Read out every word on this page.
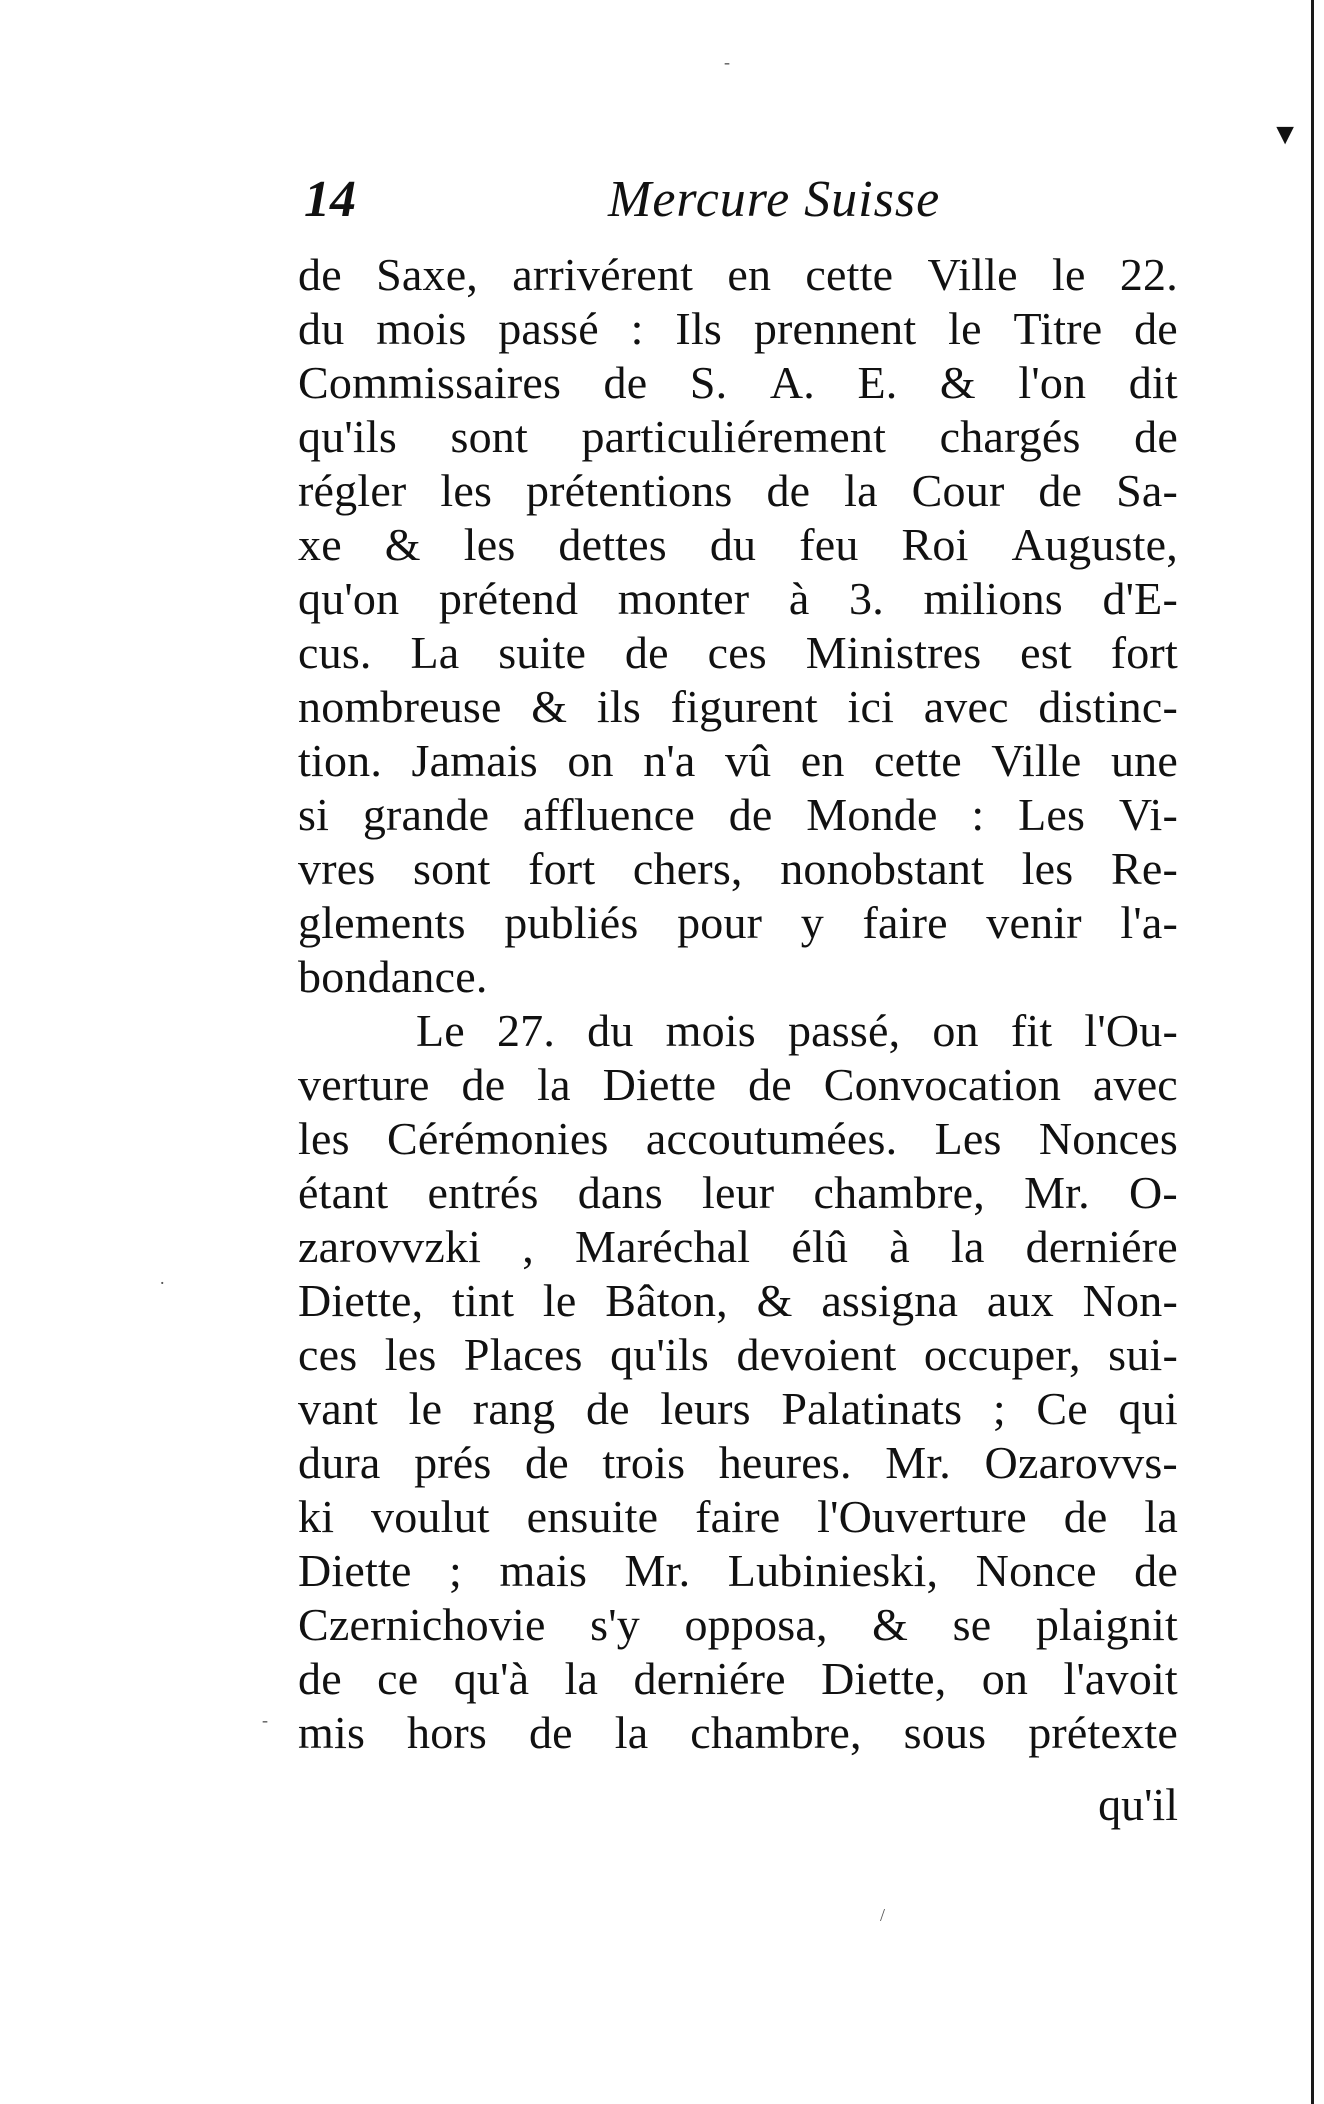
▼
14	Mercure Suisse
de Saxe, arrivérent en cette Ville le 22.
du mois passé : Ils prennent le Titre de
Commissaires de S. A. E. & l'on dit
qu'ils sont particuliérement chargés de
régler les prétentions de la Cour de Sa-
xe & les dettes du feu Roi Auguste,
qu'on prétend monter à 3. milions d'E-
cus. La suite de ces Ministres est fort
nombreuse & ils figurent ici avec distinc-
tion. Jamais on n'a vû en cette Ville une
si grande affluence de Monde : Les Vi-
vres sont fort chers, nonobstant les Re-
glements publiés pour y faire venir l'a-
bondance.
Le 27. du mois passé, on fit l'Ou-
verture de la Diette de Convocation avec
les Cérémonies accoutumées. Les Nonces
étant entrés dans leur chambre, Mr. O-
zarovvzki , Maréchal élû à la derniére
Diette, tint le Bâton, & assigna aux Non-
ces les Places qu'ils devoient occuper, sui-
vant le rang de leurs Palatinats ; Ce qui
dura prés de trois heures. Mr. Ozarovvs-
ki voulut ensuite faire l'Ouverture de la
Diette ; mais Mr. Lubinieski, Nonce de
Czernichovie s'y opposa, & se plaignit
de ce qu'à la derniére Diette, on l'avoit
mis hors de la chambre, sous prétexte
qu'il
-
.
-
/
